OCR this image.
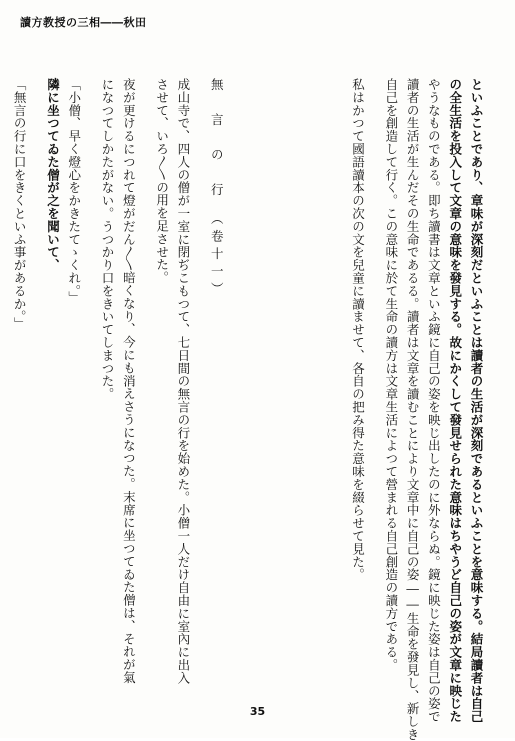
讀方教授の三相――秋田
といふことであり、章味が深刻だといふことは讀者の生活が深刻であるといふことを意味する。結局讀者は自己
の全生活を投入して文章の意味を發見する。故にかくして發見せられた意味はちやうど自己の姿が文章に映じた
やうなものである。即ち讀書は文章といふ鏡に自己の姿を映じ出したのに外ならぬ。鏡に映じた姿は自己の姿で
讀者の生活が生んだその生命であるる。讀者は文章を讀むことにより文章中に自己の姿――生命を發見し、新しき
自己を創造して行く。この意味に於て生命の讀方は文章生活によつて營まれる自己創造の讀方である。
私はかつて國語讀本の次の文を兒童に讀ませて、各自の把み得た意味を綴らせて見た。
無　言　の　行　（卷十一）
成山寺で、四人の僧が一室に閉ぢこもつて、七日間の無言の行を始めた。小僧一人だけ自由に室內に出入
させて、いろ〳〵の用を足させた。
夜が更けるにつれて燈がだん〳〵暗くなり、今にも消えさうになつた。末席に坐つてゐた僧は、それが氣
になつてしかたがない。うつかり口をきいてしまつた。
「小僧、早く燈心をかきたてゝくれ。」
隣に坐つてゐた僧が之を聞いて、
「無言の行に口をきくといふ事があるか。」
35
